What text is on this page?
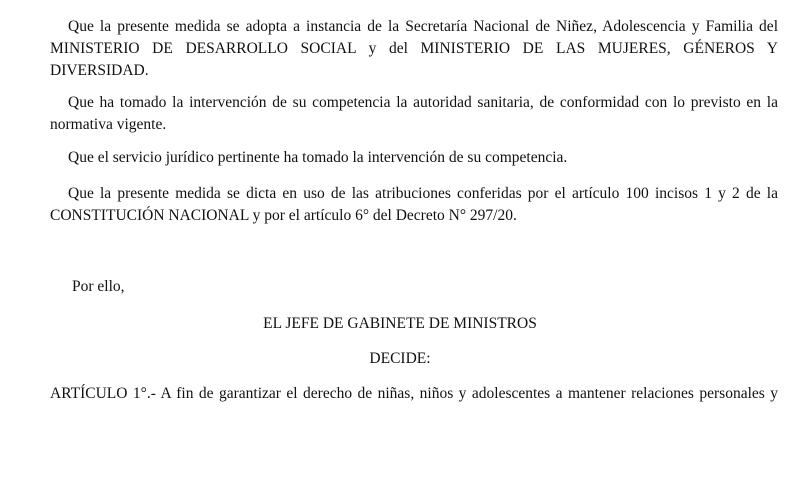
Que la presente medida se adopta a instancia de la Secretaría Nacional de Niñez, Adolescencia y Familia del MINISTERIO DE DESARROLLO SOCIAL y del MINISTERIO DE LAS MUJERES, GÉNEROS Y DIVERSIDAD.

Que ha tomado la intervención de su competencia la autoridad sanitaria, de conformidad con lo previsto en la normativa vigente.

Que el servicio jurídico pertinente ha tomado la intervención de su competencia.

Que la presente medida se dicta en uso de las atribuciones conferidas por el artículo 100 incisos 1 y 2 de la CONSTITUCIÓN NACIONAL y por el artículo 6° del Decreto N° 297/20.

Por ello,

EL JEFE DE GABINETE DE MINISTROS

DECIDE:

ARTÍCULO 1°.- A fin de garantizar el derecho de niñas, niños y adolescentes a mantener relaciones personales y
